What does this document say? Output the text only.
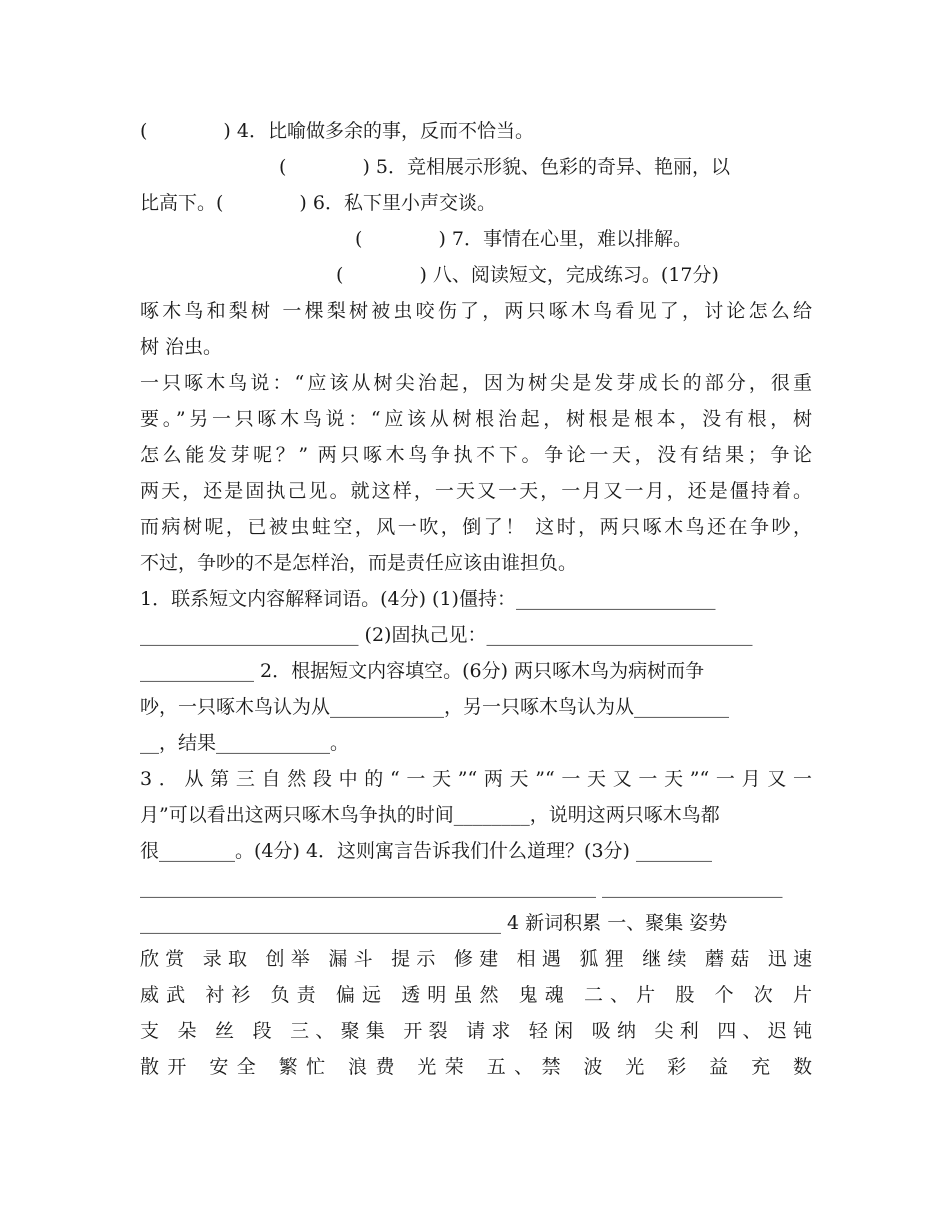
(　　　　) 4．比喻做多余的事，反而不恰当。
　　　　　　　 (　　　　) 5．竞相展示形貌、色彩的奇异、艳丽，以
比高下。(　　　　) 6．私下里小声交谈。
　　　　　　　　　　　 (　　　　) 7．事情在心里，难以排解。
　　　　　　　　　　 (　　　　) 八、阅读短文，完成练习。(17分)
啄木鸟和梨树 一棵梨树被虫咬伤了，两只啄木鸟看见了，讨论怎么给
树 治虫。
一只啄木鸟说：“应该从树尖治起，因为树尖是发芽成长的部分，很重
要。”另一只啄木鸟说：“应该从树根治起，树根是根本，没有根，树
怎么能发芽呢？” 两只啄木鸟争执不下。争论一天，没有结果；争论
两天，还是固执己见。就这样，一天又一天，一月又一月，还是僵持着。
而病树呢，已被虫蛀空，风一吹，倒了！ 这时，两只啄木鸟还在争吵，
不过，争吵的不是怎样治，而是责任应该由谁担负。
1．联系短文内容解释词语。(4分) (1)僵持：_____________________
_______________________ (2)固执己见：____________________________
____________ 2．根据短文内容填空。(6分) 两只啄木鸟为病树而争
吵，一只啄木鸟认为从____________，另一只啄木鸟认为从__________
__，结果____________。
3．从第三自然段中的“一天”“两天”“一天又一天”“一月又一
月”可以看出这两只啄木鸟争执的时间________，说明这两只啄木鸟都
很________。(4分) 4．这则寓言告诉我们什么道理？(3分) ________
________________________________________________ ___________________
______________________________________ 4 新词积累 一、聚集 姿势
欣赏 录取 创举 漏斗 提示 修建 相遇 狐狸 继续 蘑菇 迅速
威武 衬衫 负责 偏远 透明虽然 鬼魂 二、片 股 个 次 片
支 朵 丝 段 三、聚集 开裂 请求 轻闲 吸纳 尖利 四、迟钝
散开 安全 繁忙 浪费 光荣 五、禁 波 光 彩 益 充 数
